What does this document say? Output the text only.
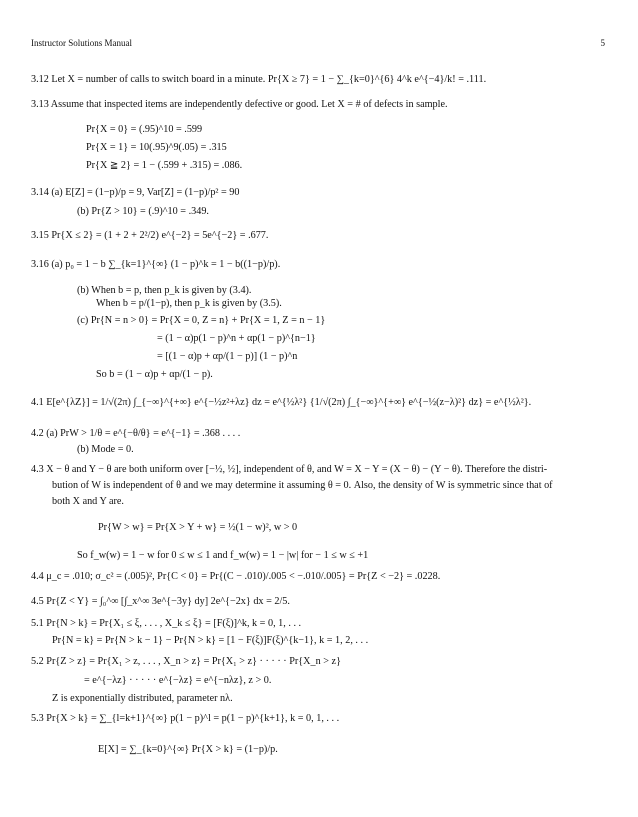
Instructor Solutions Manual	5
3.12 Let X = number of calls to switch board in a minute. Pr{X ≥ 7} = 1 − ∑_{k=0}^{6} 4^k e^{−4}/k! = .111.
3.13 Assume that inspected items are independently defective or good. Let X = # of defects in sample.
Pr{X = 0} = (.95)^10 = .599
Pr{X = 1} = 10(.95)^9(.05) = .315
Pr{X ≧ 2} = 1 − (.599 + .315) = .086.
3.14 (a) E[Z] = (1−p)/p = 9, Var[Z] = (1−p)/p² = 90
(b) Pr{Z > 10} = (.9)^10 = .349.
3.15 Pr{X ≤ 2} = (1 + 2 + 2²/2) e^{−2} = 5e^{−2} = .677.
3.16 (a) p₀ = 1 − b ∑_{k=1}^{∞} (1 − p)^k = 1 − b((1−p)/p).
(b) When b = p, then p_k is given by (3.4).
When b = p/(1−p), then p_k is given by (3.5).
(c) Pr{N = n > 0} = Pr{X = 0, Z = n} + Pr{X = 1, Z = n − 1}
= (1 − α)p(1 − p)^n + αp(1 − p)^{n−1}
= [(1 − α)p + αp/(1 − p)] (1 − p)^n
So b = (1 − α)p + αp/(1 − p).
4.1 E[e^{λZ}] = 1/√(2π) ∫_{−∞}^{+∞} e^{−½z²+λz} dz = e^{½λ²} {1/√(2π) ∫_{−∞}^{+∞} e^{−½(z−λ)²} dz} = e^{½λ²}.
4.2 (a) PrW > 1/θ = e^{−θ/θ} = e^{−1} = .368 . . . .
(b) Mode = 0.
4.3 X − θ and Y − θ are both uniform over [−½, ½], independent of θ, and W = X − Y = (X − θ) − (Y − θ). Therefore the distri-
bution of W is independent of θ and we may determine it assuming θ = 0. Also, the density of W is symmetric since that of
both X and Y are.
Pr{W > w} = Pr{X > Y + w} = ½(1 − w)², w > 0
So f_w(w) = 1 − w for 0 ≤ w ≤ 1 and f_w(w) = 1 − |w| for − 1 ≤ w ≤ +1
4.4 μ_c = .010; σ_c² = (.005)², Pr{C < 0} = Pr{(C − .010)/.005 < −.010/.005} = Pr{Z < −2} = .0228.
4.5 Pr{Z < Y} = ∫₀^∞ [∫_x^∞ 3e^{−3y} dy] 2e^{−2x} dx = 2/5.
5.1 Pr{N > k} = Pr{X₁ ≤ ξ, . . . , X_k ≤ ξ} = [F(ξ)]^k, k = 0, 1, . . .
Pr{N = k} = Pr{N > k − 1} − Pr{N > k} = [1 − F(ξ)]F(ξ)^{k−1}, k = 1, 2, . . .
5.2 Pr{Z > z} = Pr{X₁ > z, . . . , X_n > z} = Pr{X₁ > z} · · · · · Pr{X_n > z}
= e^{−λz} · · · · · e^{−λz} = e^{−nλz}, z > 0.
Z is exponentially distributed, parameter nλ.
5.3 Pr{X > k} = ∑_{l=k+1}^{∞} p(1 − p)^l = p(1 − p)^{k+1}, k = 0, 1, . . .
E[X] = ∑_{k=0}^{∞} Pr{X > k} = (1−p)/p.
